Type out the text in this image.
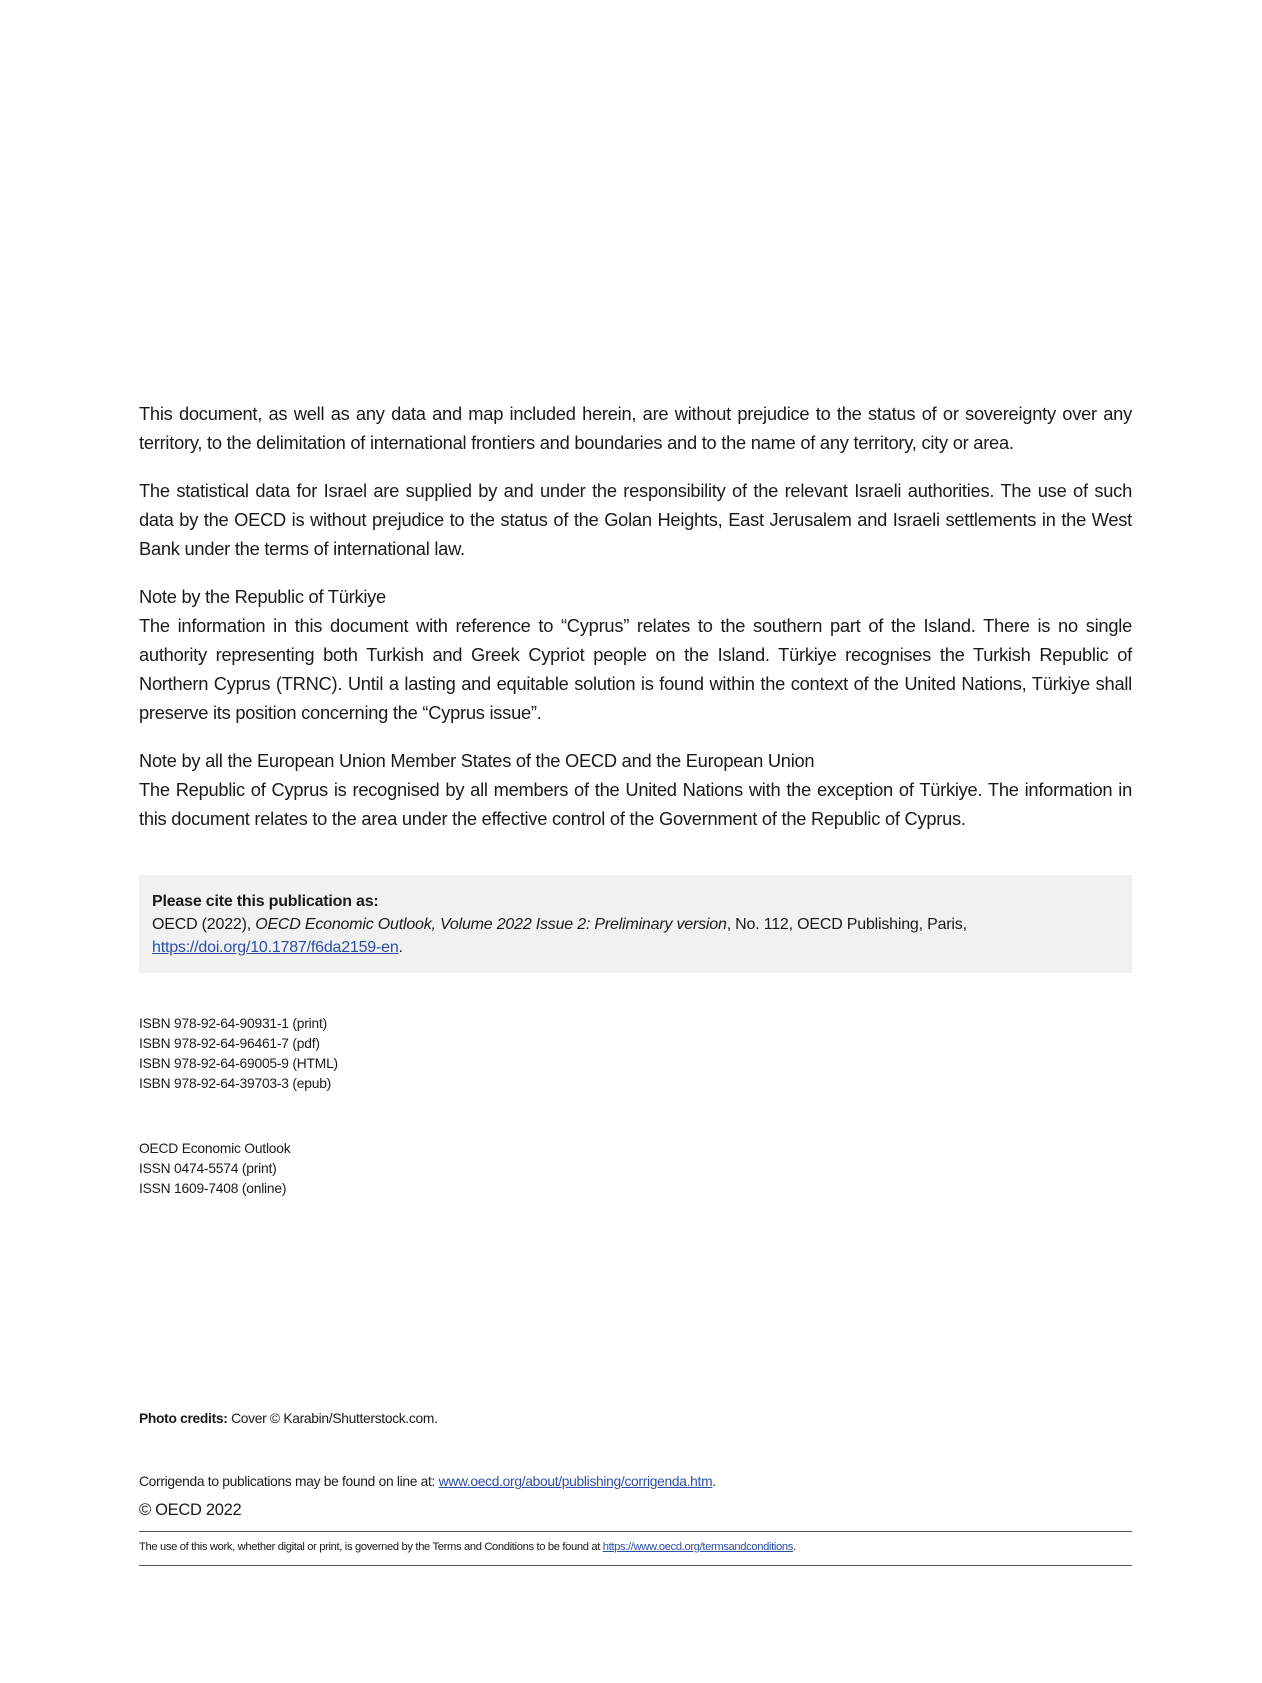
This document, as well as any data and map included herein, are without prejudice to the status of or sovereignty over any territory, to the delimitation of international frontiers and boundaries and to the name of any territory, city or area.

The statistical data for Israel are supplied by and under the responsibility of the relevant Israeli authorities. The use of such data by the OECD is without prejudice to the status of the Golan Heights, East Jerusalem and Israeli settlements in the West Bank under the terms of international law.

Note by the Republic of Türkiye
The information in this document with reference to “Cyprus” relates to the southern part of the Island. There is no single authority representing both Turkish and Greek Cypriot people on the Island. Türkiye recognises the Turkish Republic of Northern Cyprus (TRNC). Until a lasting and equitable solution is found within the context of the United Nations, Türkiye shall preserve its position concerning the “Cyprus issue”.

Note by all the European Union Member States of the OECD and the European Union
The Republic of Cyprus is recognised by all members of the United Nations with the exception of Türkiye. The information in this document relates to the area under the effective control of the Government of the Republic of Cyprus.

Please cite this publication as:
OECD (2022), OECD Economic Outlook, Volume 2022 Issue 2: Preliminary version, No. 112, OECD Publishing, Paris,
https://doi.org/10.1787/f6da2159-en.
ISBN 978-92-64-90931-1 (print)
ISBN 978-92-64-96461-7 (pdf)
ISBN 978-92-64-69005-9 (HTML)
ISBN 978-92-64-39703-3 (epub)
OECD Economic Outlook
ISSN 0474-5574 (print)
ISSN 1609-7408 (online)
Photo credits: Cover © Karabin/Shutterstock.com.
Corrigenda to publications may be found on line at: www.oecd.org/about/publishing/corrigenda.htm.
© OECD 2022
The use of this work, whether digital or print, is governed by the Terms and Conditions to be found at https://www.oecd.org/termsandconditions.
